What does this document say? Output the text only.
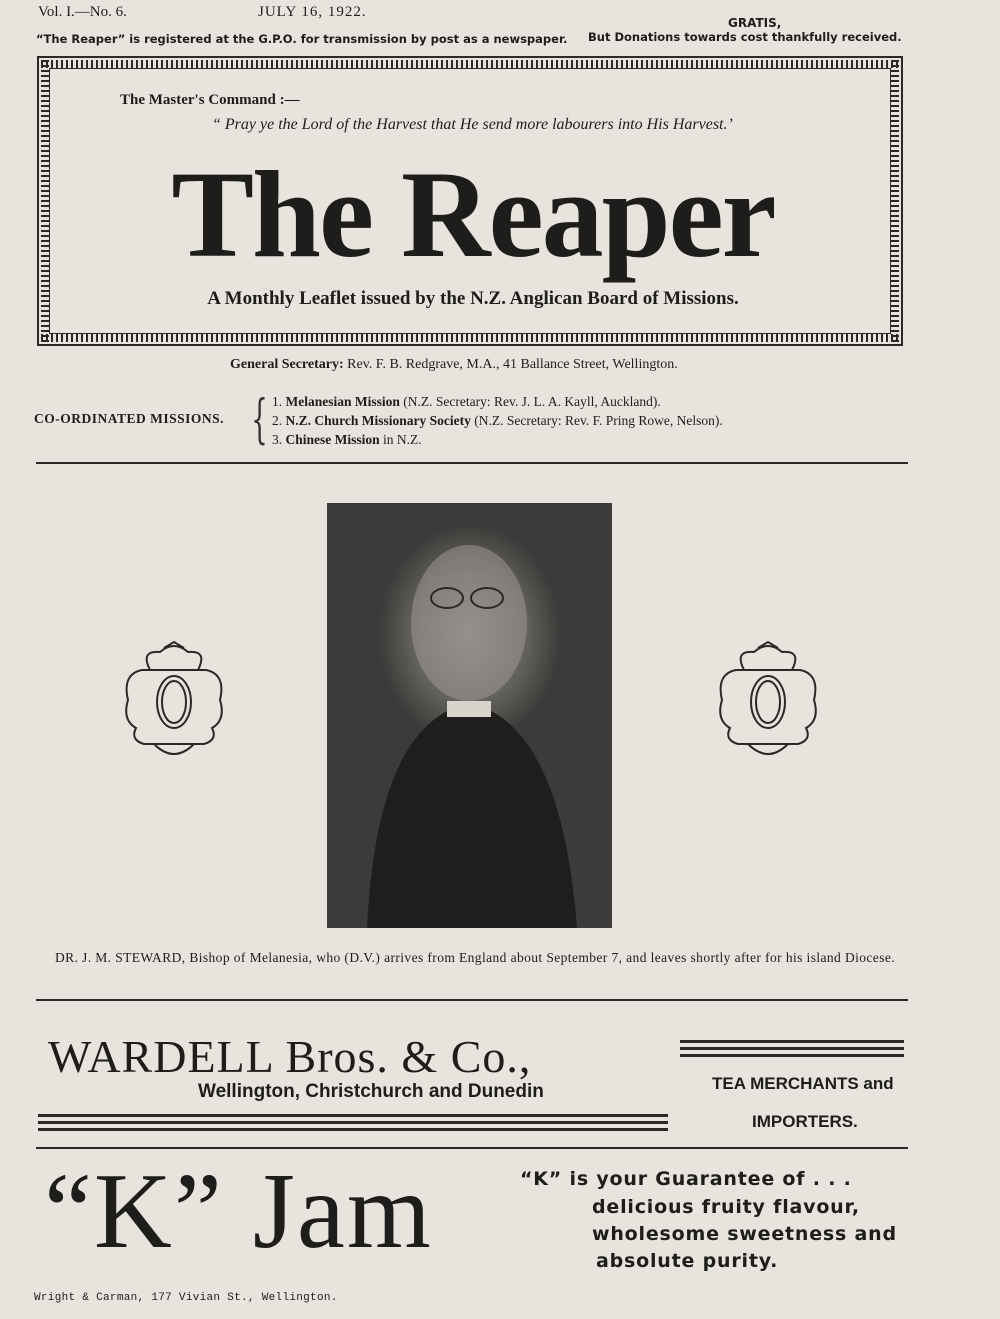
Vol. I.—No. 6.	JULY 16, 1922.
GRATIS,
“The Reaper” is registered at the G.P.O. for transmission by post as a newspaper. But Donations towards cost thankfully received.
The Master's Command :—
“ Pray ye the Lord of the Harvest that He send more labourers into His Harvest.’
The Reaper
A Monthly Leaflet issued by the N.Z. Anglican Board of Missions.
General Secretary: Rev. F. B. Redgrave, M.A., 41 Ballance Street, Wellington.
CO-ORDINATED MISSIONS. { 1. Melanesian Mission (N.Z. Secretary: Rev. J. L. A. Kayll, Auckland).
2. N.Z. Church Missionary Society (N.Z. Secretary: Rev. F. Pring Rowe, Nelson).
3. Chinese Mission in N.Z.
DR. J. M. STEWARD, Bishop of Melanesia, who (D.V.) arrives from England about September 7, and leaves shortly after for his island Diocese.
WARDELL Bros. & Co.,
Wellington, Christchurch and Dunedin	TEA MERCHANTS and
IMPORTERS.
“K” Jam	“K” is your Guarantee of . . .
delicious fruity flavour,
wholesome sweetness and
absolute purity.
Wright & Carman, 177 Vivian St., Wellington.
